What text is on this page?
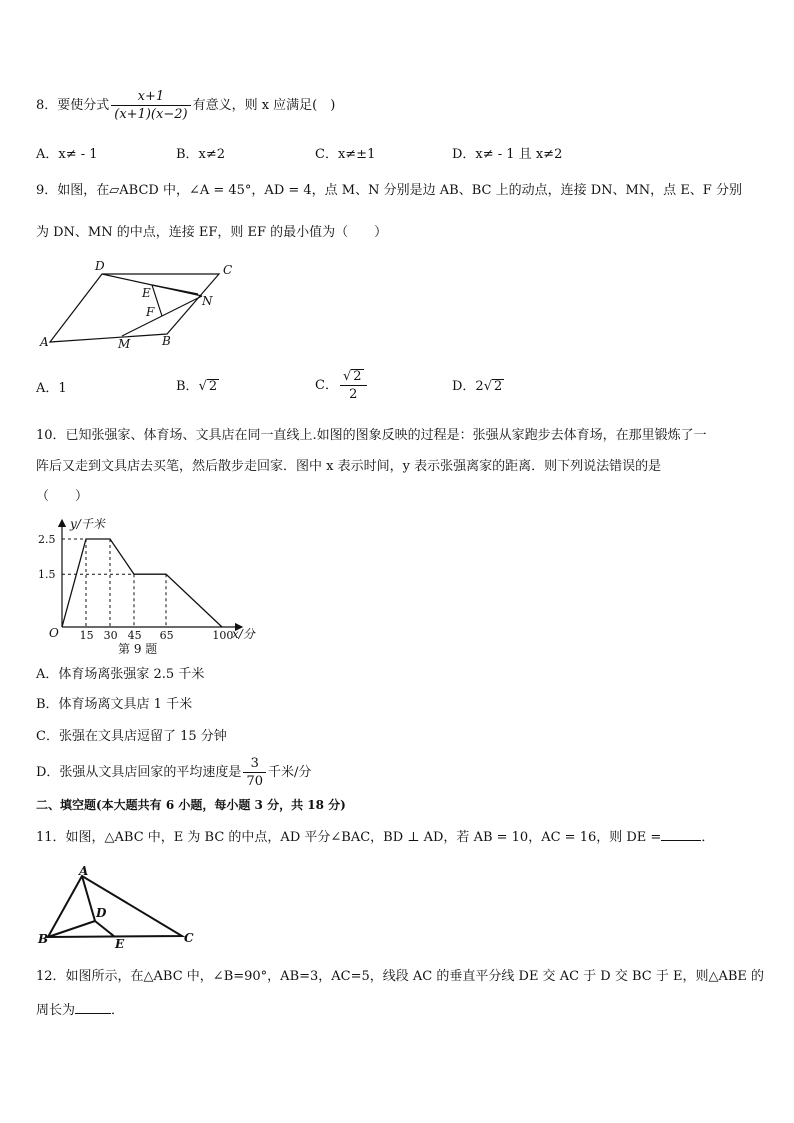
8．要使分式 $\frac{x+1}{(x+1)(x-2)}$ 有意义，则 x 应满足(　)
A．x≠ - 1	B．x≠2	C．x≠±1	D．x≠ - 1 且 x≠2
9．如图，在▱ABCD 中，∠A = 45°，AD = 4，点 M、N 分别是边 AB、BC 上的动点，连接 DN、MN，点 E、F 分别
为 DN、MN 的中点，连接 EF，则 EF 的最小值为（　　）
D	C
E
N
F
A	M	B
A．1	B．√ 2	C． $\frac{√ 2}{2}$	D．2√ 2
10．已知张强家、体育场、文具店在同一直线上.如图的图象反映的过程是：张强从家跑步去体育场，在那里锻炼了一
阵后又走到文具店去买笔，然后散步走回家．图中 x 表示时间，y 表示张强离家的距离．则下列说法错误的是
（　　）
15 30 45 65	100
2.5
1.5
y/千米
x/分
O
第 9 题
A．体育场离张强家 2.5 千米
B．体育场离文具店 1 千米
C．张强在文具店逗留了 15 分钟
D．张强从文具店回家的平均速度是 $\frac{3}{70}$ 千米/分
二、填空题(本大题共有 6 小题，每小题 3 分，共 18 分)
11．如图，△ABC 中，E 为 BC 的中点，AD 平分∠BAC，BD ⊥ AD，若 AB = 10，AC = 16，则 DE =	．
A
D
B	E	C
12．如图所示，在△ABC 中，∠B=90°，AB=3，AC=5，线段 AC 的垂直平分线 DE 交 AC 于 D 交 BC 于 E，则△ABE 的
周长为	．
